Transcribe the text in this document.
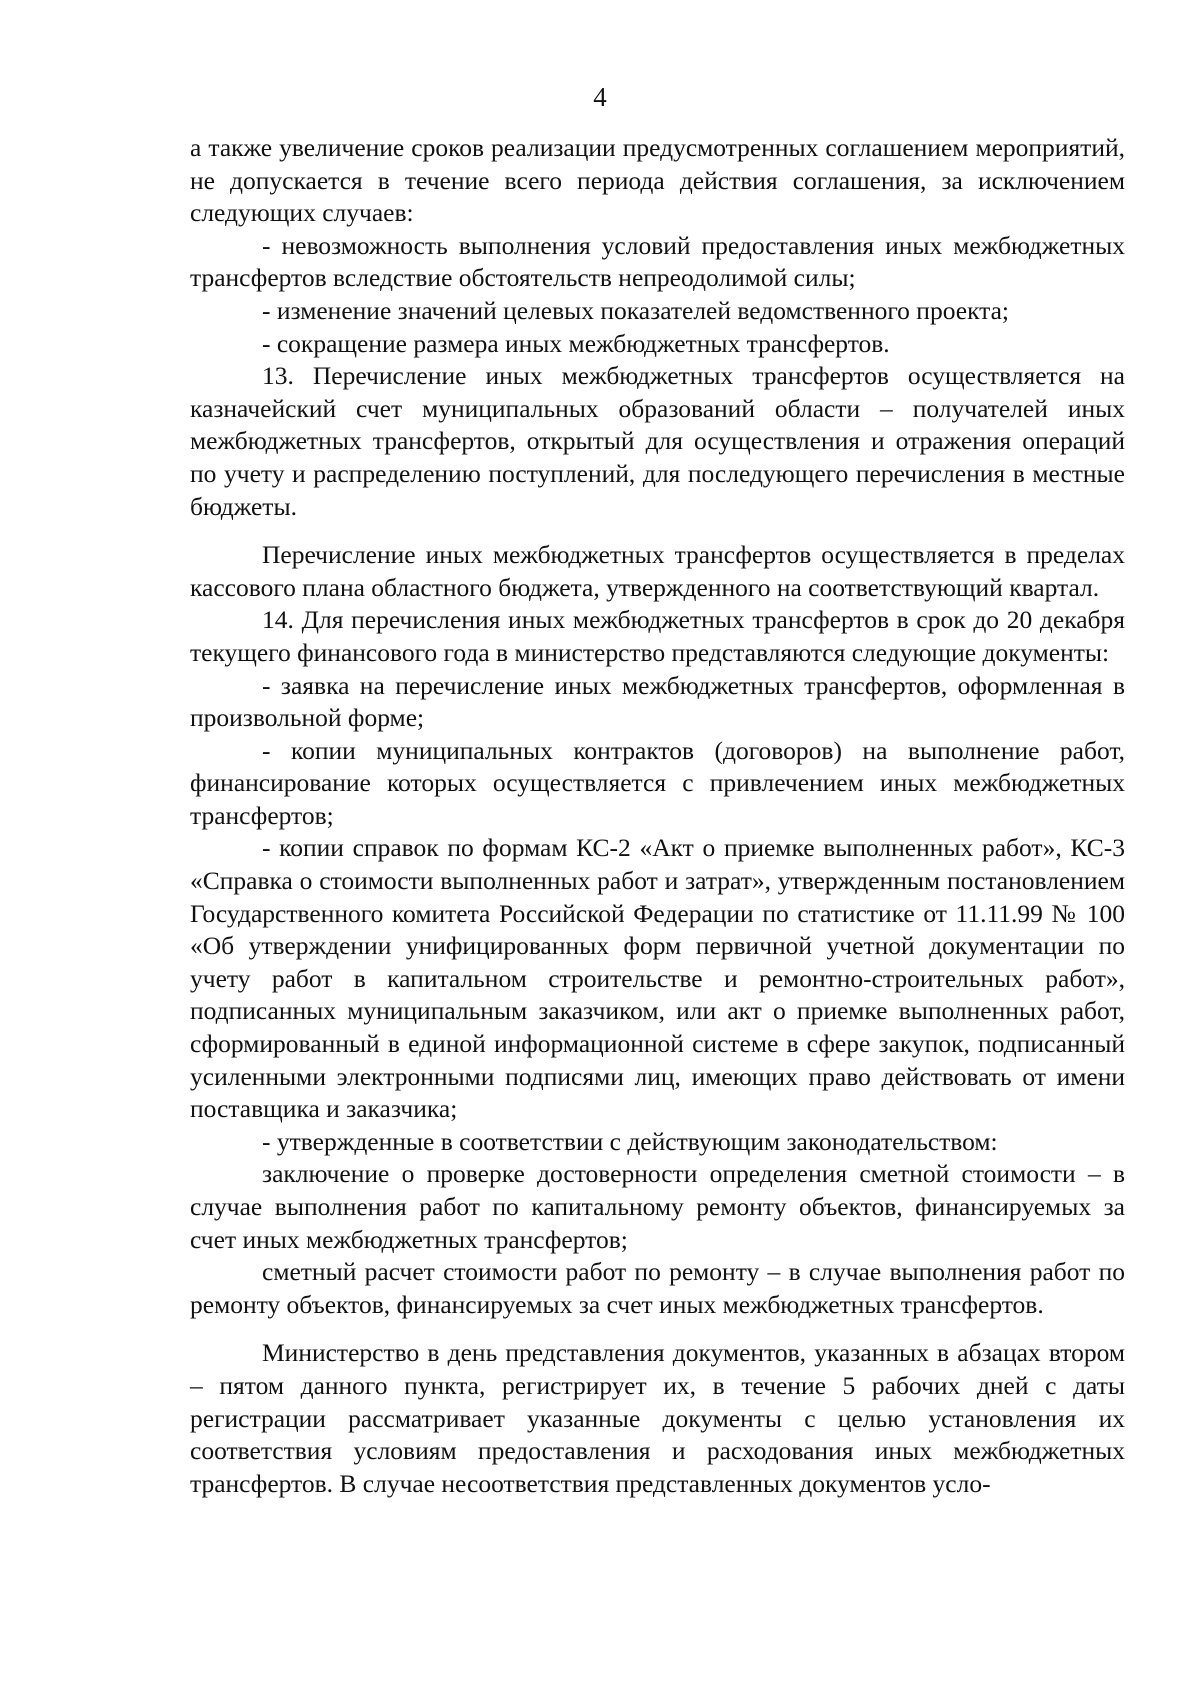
4

а также увеличение сроков реализации предусмотренных соглашением мероприятий, не допускается в течение всего периода действия соглашения, за исключением следующих случаев:

- невозможность выполнения условий предоставления иных межбюджетных трансфертов вследствие обстоятельств непреодолимой силы;

- изменение значений целевых показателей ведомственного проекта;

- сокращение размера иных межбюджетных трансфертов.

13. Перечисление иных межбюджетных трансфертов осуществляется на казначейский счет муниципальных образований области – получателей иных межбюджетных трансфертов, открытый для осуществления и отражения операций по учету и распределению поступлений, для последующего перечисления в местные бюджеты.

Перечисление иных межбюджетных трансфертов осуществляется в пределах кассового плана областного бюджета, утвержденного на соответствующий квартал.

14. Для перечисления иных межбюджетных трансфертов в срок до 20 декабря текущего финансового года в министерство представляются следующие документы:

- заявка на перечисление иных межбюджетных трансфертов, оформленная в произвольной форме;

- копии муниципальных контрактов (договоров) на выполнение работ, финансирование которых осуществляется с привлечением иных межбюджетных трансфертов;

- копии справок по формам КС-2 «Акт о приемке выполненных работ», КС-3 «Справка о стоимости выполненных работ и затрат», утвержденным постановлением Государственного комитета Российской Федерации по статистике от 11.11.99 № 100 «Об утверждении унифицированных форм первичной учетной документации по учету работ в капитальном строительстве и ремонтно-строительных работ», подписанных муниципальным заказчиком, или акт о приемке выполненных работ, сформированный в единой информационной системе в сфере закупок, подписанный усиленными электронными подписями лиц, имеющих право действовать от имени поставщика и заказчика;

- утвержденные в соответствии с действующим законодательством:

заключение о проверке достоверности определения сметной стоимости – в случае выполнения работ по капитальному ремонту объектов, финансируемых за счет иных межбюджетных трансфертов;

сметный расчет стоимости работ по ремонту – в случае выполнения работ по ремонту объектов, финансируемых за счет иных межбюджетных трансфертов.

Министерство в день представления документов, указанных в абзацах втором – пятом данного пункта, регистрирует их, в течение 5 рабочих дней с даты регистрации рассматривает указанные документы с целью установления их соответствия условиям предоставления и расходования иных межбюджетных трансфертов. В случае несоответствия представленных документов усло-
